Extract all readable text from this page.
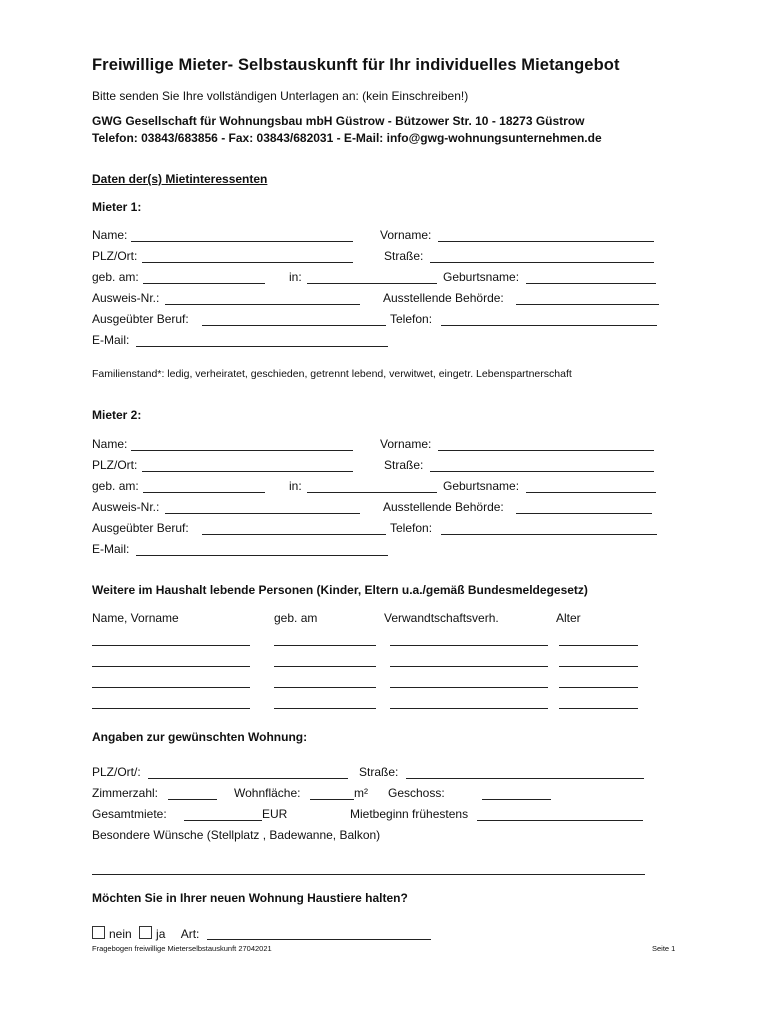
Freiwillige Mieter- Selbstauskunft für Ihr individuelles Mietangebot
Bitte senden Sie Ihre vollständigen Unterlagen an: (kein Einschreiben!)
GWG Gesellschaft für Wohnungsbau mbH Güstrow - Bützower Str. 10 - 18273 Güstrow
Telefon: 03843/683856 - Fax: 03843/682031 - E-Mail: info@gwg-wohnungsunternehmen.de
Daten der(s) Mietinteressenten
Mieter 1:
Name:	Vorname:
PLZ/Ort:	Straße:
geb. am:	in:	Geburtsname:
Ausweis-Nr.:	Ausstellende Behörde:
Ausgeübter Beruf:	Telefon:
E-Mail:
Familienstand*: ledig, verheiratet, geschieden, getrennt lebend, verwitwet, eingetr. Lebenspartnerschaft
Mieter 2:
Name:	Vorname:
PLZ/Ort:	Straße:
geb. am:	in:	Geburtsname:
Ausweis-Nr.:	Ausstellende Behörde:
Ausgeübter Beruf:	Telefon:
E-Mail:
Weitere im Haushalt lebende Personen (Kinder, Eltern u.a./gemäß Bundesmeldegesetz)
Name, Vorname	geb. am	Verwandtschaftsverh.	Alter
Angaben zur gewünschten Wohnung:
PLZ/Ort/:	Straße:
Zimmerzahl:	Wohnfläche:	m² Geschoss:
Gesamtmiete:	EUR	Mietbeginn frühestens
Besondere Wünsche (Stellplatz , Badewanne, Balkon)
Möchten Sie in Ihrer neuen Wohnung Haustiere halten?
nein ja Art:
Fragebogen freiwillige Mieterselbstauskunft 27042021	Seite 1
